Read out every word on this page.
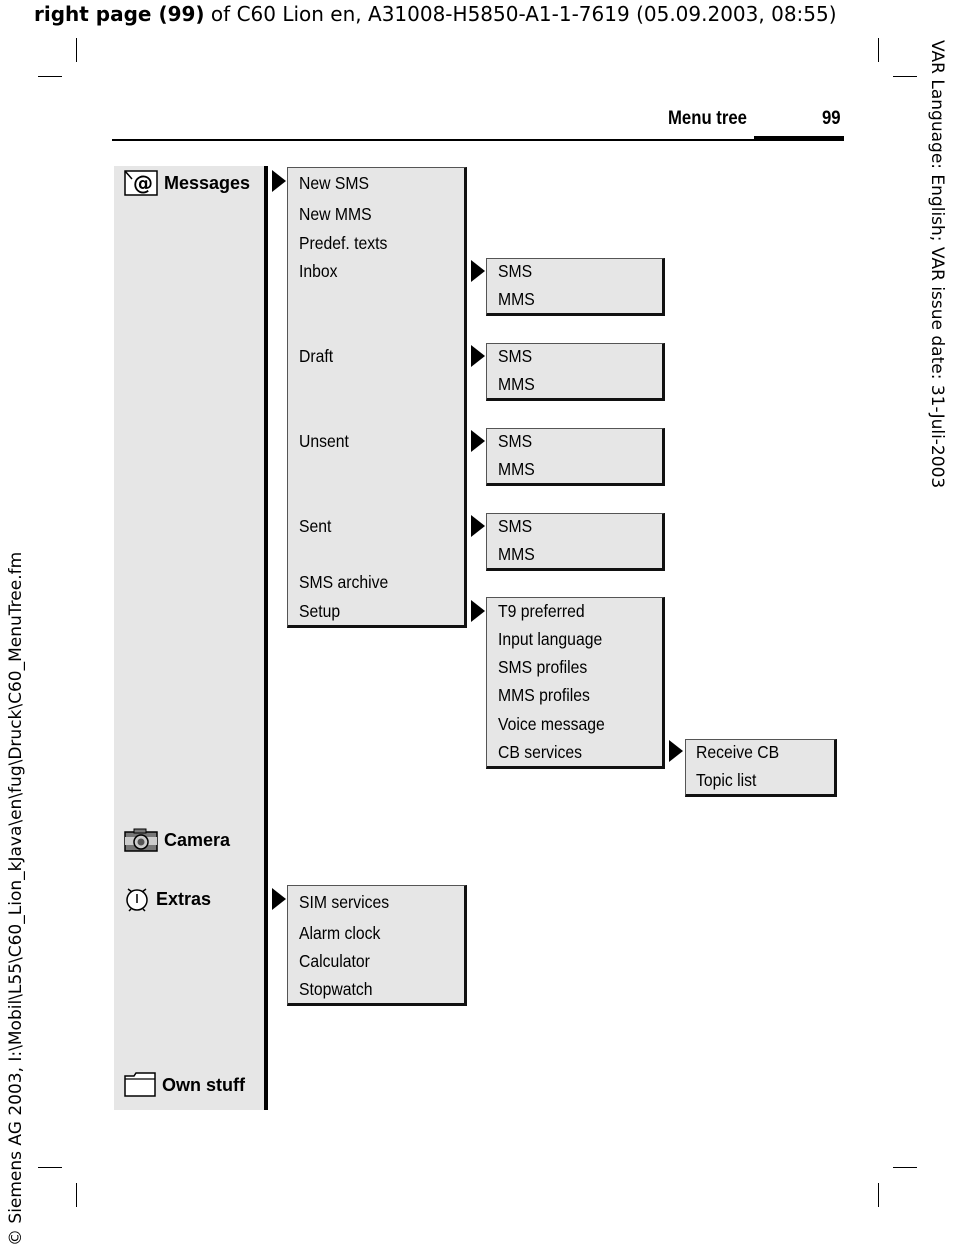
right page (99) of C60 Lion en, A31008-H5850-A1-1-7619 (05.09.2003, 08:55)
VAR Language: English; VAR issue date: 31-Juli-2003
© Siemens AG 2003, I:\Mobil\L55\C60_Lion_kJava\en\fug\Druck\C60_MenuTree.fm
Menu tree	99
@ Messages
Camera
Extras
Own stuff
New SMS
New MMS
Predef. texts
Inbox
Draft
Unsent
Sent
SMS archive
Setup
SMS
MMS
SMS
MMS
SMS
MMS
SMS
MMS
T9 preferred
Input language
SMS profiles
MMS profiles
Voice message
CB services	Receive CB
Topic list
SIM services
Alarm clock
Calculator
Stopwatch
